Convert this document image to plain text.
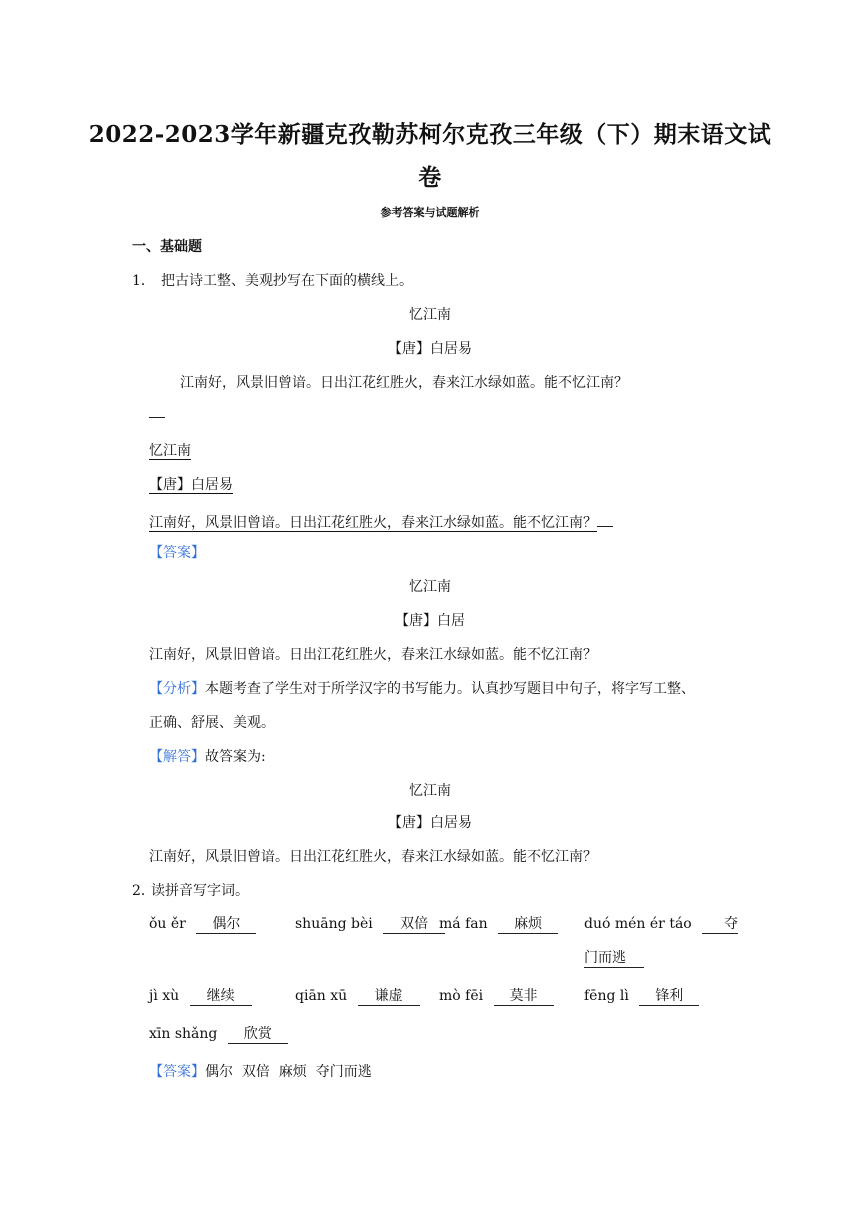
2022-2023学年新疆克孜勒苏柯尔克孜三年级（下）期末语文试
卷
参考答案与试题解析
一、基础题
1． 把古诗工整、美观抄写在下面的横线上。
忆江南
【唐】白居易
江南好，风景旧曾谙。日出江花红胜火，春来江水绿如蓝。能不忆江南？
忆江南
【唐】白居易
江南好，风景旧曾谙。日出江花红胜火，春来江水绿如蓝。能不忆江南？
【答案】
忆江南
【唐】白居
江南好，风景旧曾谙。日出江花红胜火，春来江水绿如蓝。能不忆江南？
【分析】本题考查了学生对于所学汉字的书写能力。认真抄写题目中句子，将字写工整、
正确、舒展、美观。
【解答】故答案为:
忆江南
【唐】白居易
江南好，风景旧曾谙。日出江花红胜火，春来江水绿如蓝。能不忆江南？
2．
读拼音写字词。
ǒu ěr 偶尔	shuāng bèi 双倍 má fan 麻烦	duó mén ér táo 夺
门而逃
jì xù 继续	qiān xū 谦虚	mò fēi 莫非	fēng lì 锋利
xīn shǎng 欣赏
【答案】偶尔  双倍  麻烦  夺门而逃
